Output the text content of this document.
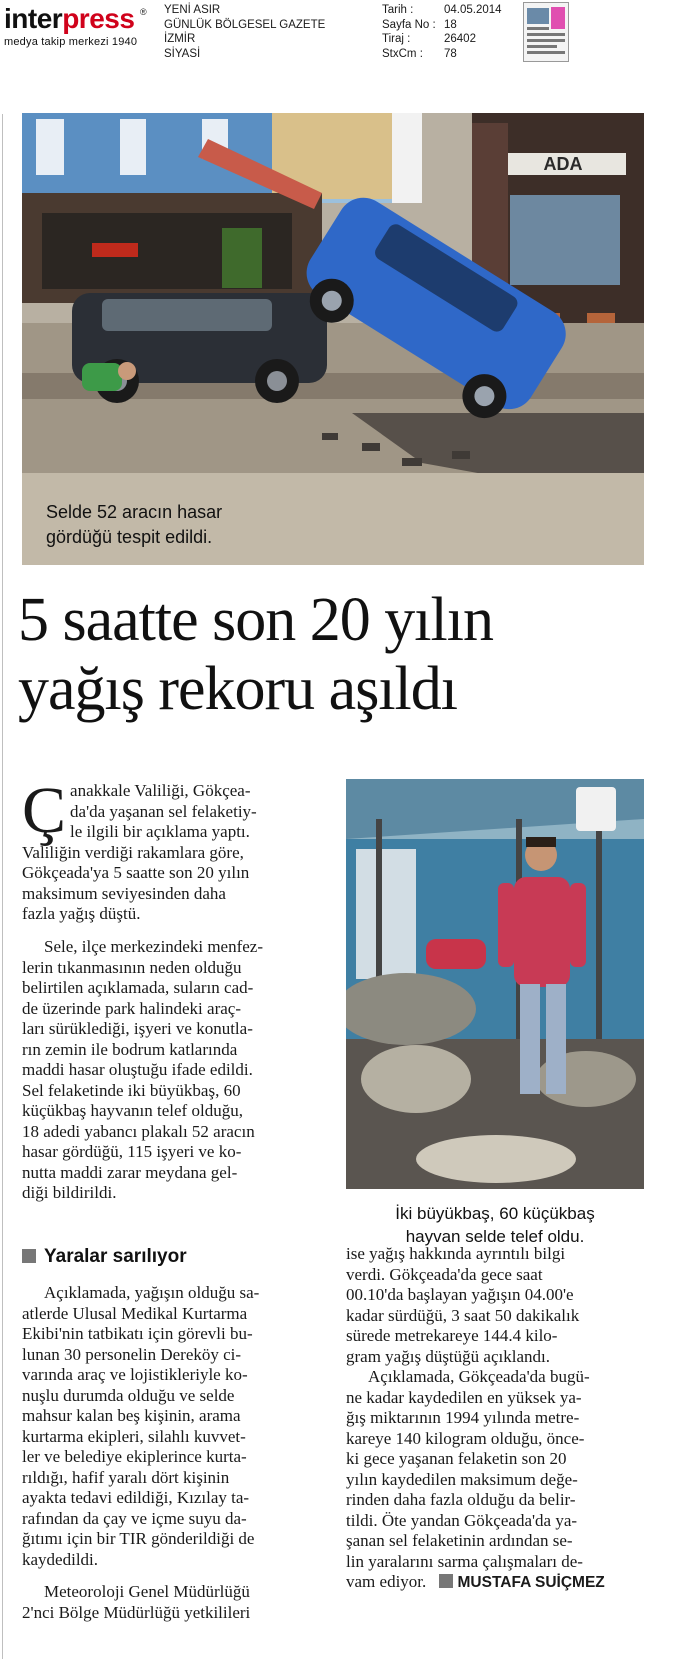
interpress ®
medya takip merkezi 1940
YENİ ASIR
GÜNLÜK BÖLGESEL GAZETE
İZMİR
SİYASİ
Tarih :
Sayfa No :
Tiraj :
StxCm :
04.05.2014
18
26402
78
ADA
Selde 52 aracın hasar
gördüğü tespit edildi.
5 saatte son 20 yılın
yağış rekoru aşıldı
Ç anakkale Valiliği, Gökçea-
da'da yaşanan sel felaketiy-
le ilgili bir açıklama yaptı.
Valiliğin verdiği rakamlara göre,
Gökçeada'ya 5 saatte son 20 yılın
maksimum seviyesinden daha
fazla yağış düştü.
Sele, ilçe merkezindeki menfez-
lerin tıkanmasının neden olduğu
belirtilen açıklamada, suların cad-
de üzerinde park halindeki araç-
ları sürüklediği, işyeri ve konutla-
rın zemin ile bodrum katlarında
maddi hasar oluştuğu ifade edildi.
Sel felaketinde iki büyükbaş, 60
küçükbaş hayvanın telef olduğu,
18 adedi yabancı plakalı 52 aracın
hasar gördüğü, 115 işyeri ve ko-
nutta maddi zarar meydana gel-
diği bildirildi.
İki büyükbaş, 60 küçükbaş
hayvan selde telef oldu.
Yaralar sarılıyor
Açıklamada, yağışın olduğu sa-
atlerde Ulusal Medikal Kurtarma
Ekibi'nin tatbikatı için görevli bu-
lunan 30 personelin Dereköy ci-
varında araç ve lojistikleriyle ko-
nuşlu durumda olduğu ve selde
mahsur kalan beş kişinin, arama
kurtarma ekipleri, silahlı kuvvet-
ler ve belediye ekiplerince kurta-
rıldığı, hafif yaralı dört kişinin
ayakta tedavi edildiği, Kızılay ta-
rafından da çay ve içme suyu da-
ğıtımı için bir TIR gönderildiği de
kaydedildi.
Meteoroloji Genel Müdürlüğü
2'nci Bölge Müdürlüğü yetkilileri
ise yağış hakkında ayrıntılı bilgi
verdi. Gökçeada'da gece saat
00.10'da başlayan yağışın 04.00'e
kadar sürdüğü, 3 saat 50 dakikalık
sürede metrekareye 144.4 kilo-
gram yağış düştüğü açıklandı.
Açıklamada, Gökçeada'da bugü-
ne kadar kaydedilen en yüksek ya-
ğış miktarının 1994 yılında metre-
kareye 140 kilogram olduğu, önce-
ki gece yaşanan felaketin son 20
yılın kaydedilen maksimum değe-
rinden daha fazla olduğu da belir-
tildi. Öte yandan Gökçeada'da ya-
şanan sel felaketinin ardından se-
lin yaralarını sarma çalışmaları de-
vam ediyor. MUSTAFA SUİÇMEZ
